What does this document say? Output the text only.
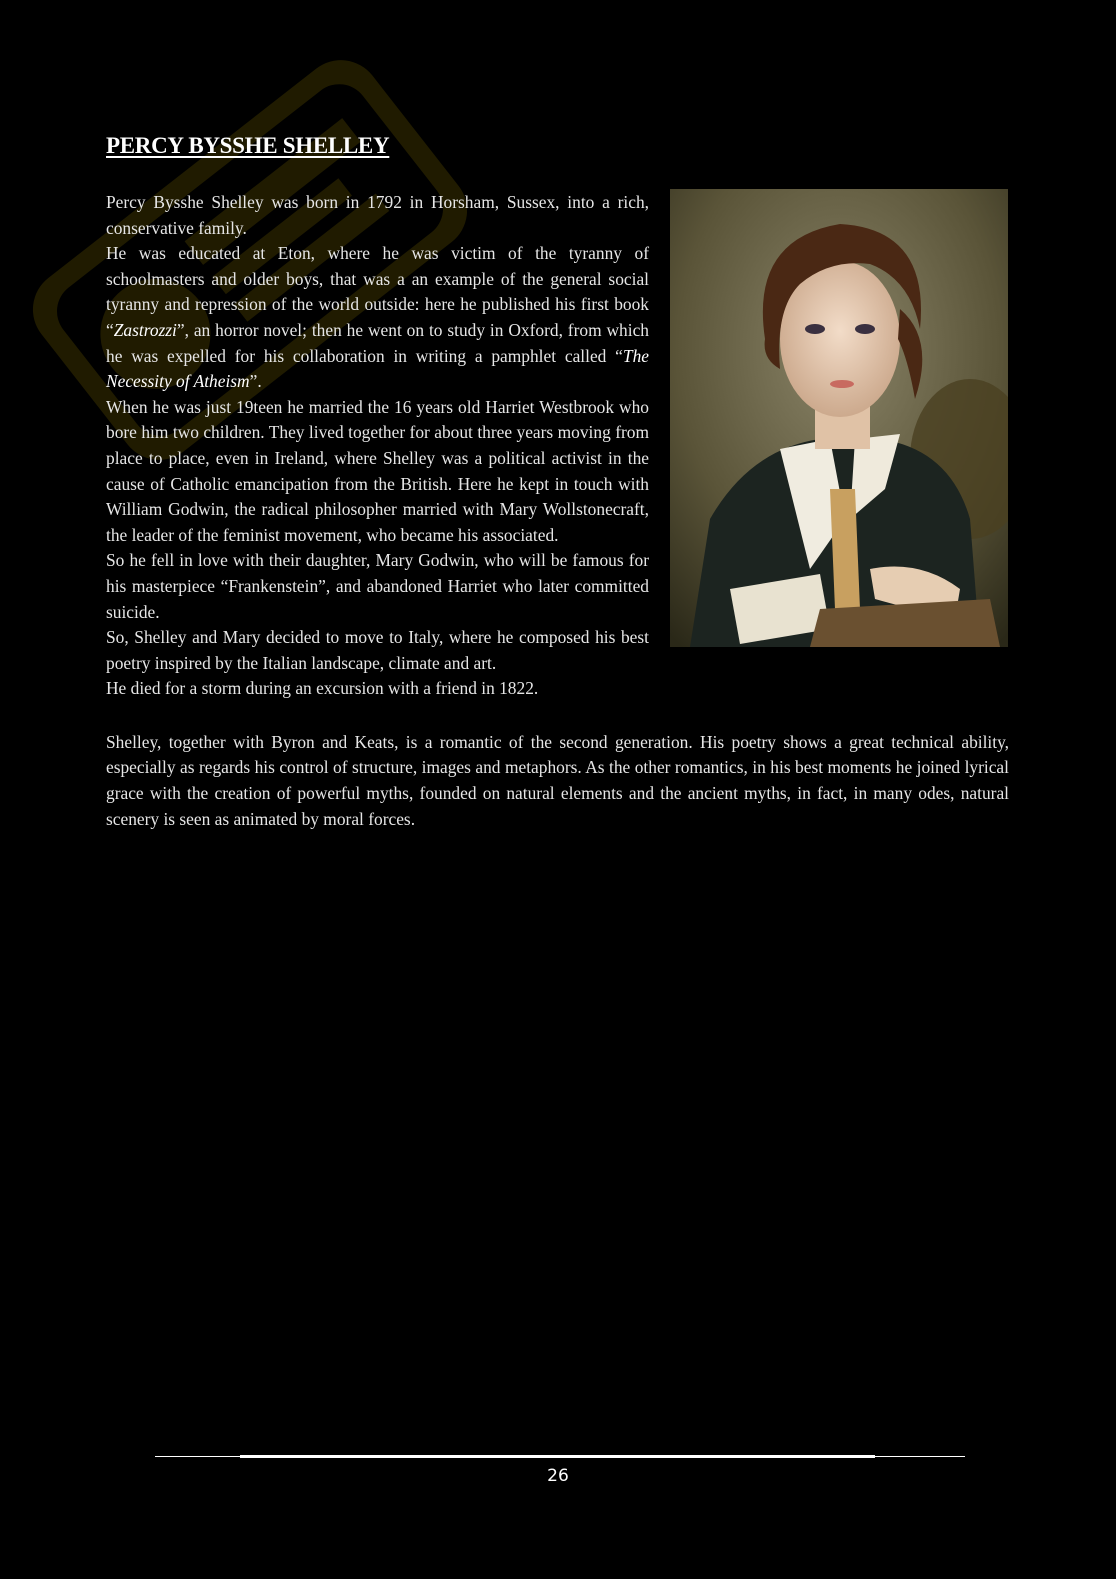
PERCY BYSSHE SHELLEY

Percy Bysshe Shelley was born in 1792 in Horsham, Sussex, into a rich, conservative family.

He was educated at Eton, where he was victim of the tyranny of schoolmasters and older boys, that was a an example of the general social tyranny and repression of the world outside: here he published his first book “Zastrozzi”, an horror novel; then he went on to study in Oxford, from which he was expelled for his collaboration in writing a pamphlet called “The Necessity of Atheism”.

When he was just 19teen he married the 16 years old Harriet Westbrook who bore him two children. They lived together for about three years moving from place to place, even in Ireland, where Shelley was a political activist in the cause of Catholic emancipation from the British. Here he kept in touch with William Godwin, the radical philosopher married with Mary Wollstonecraft, the leader of the feminist movement, who became his associated.

So he fell in love with their daughter, Mary Godwin, who will be famous for his masterpiece “Frankenstein”, and abandoned Harriet who later committed suicide.

So, Shelley and Mary decided to move to Italy, where he composed his best poetry inspired by the Italian landscape, climate and art.

He died for a storm during an excursion with a friend in 1822.

Shelley, together with Byron and Keats, is a romantic of the second generation. His poetry shows a great technical ability, especially as regards his control of structure, images and metaphors. As the other romantics, in his best moments he joined lyrical grace with the creation of powerful myths, founded on natural elements and the ancient myths, in fact, in many odes, natural scenery is seen as animated by moral forces.

26
